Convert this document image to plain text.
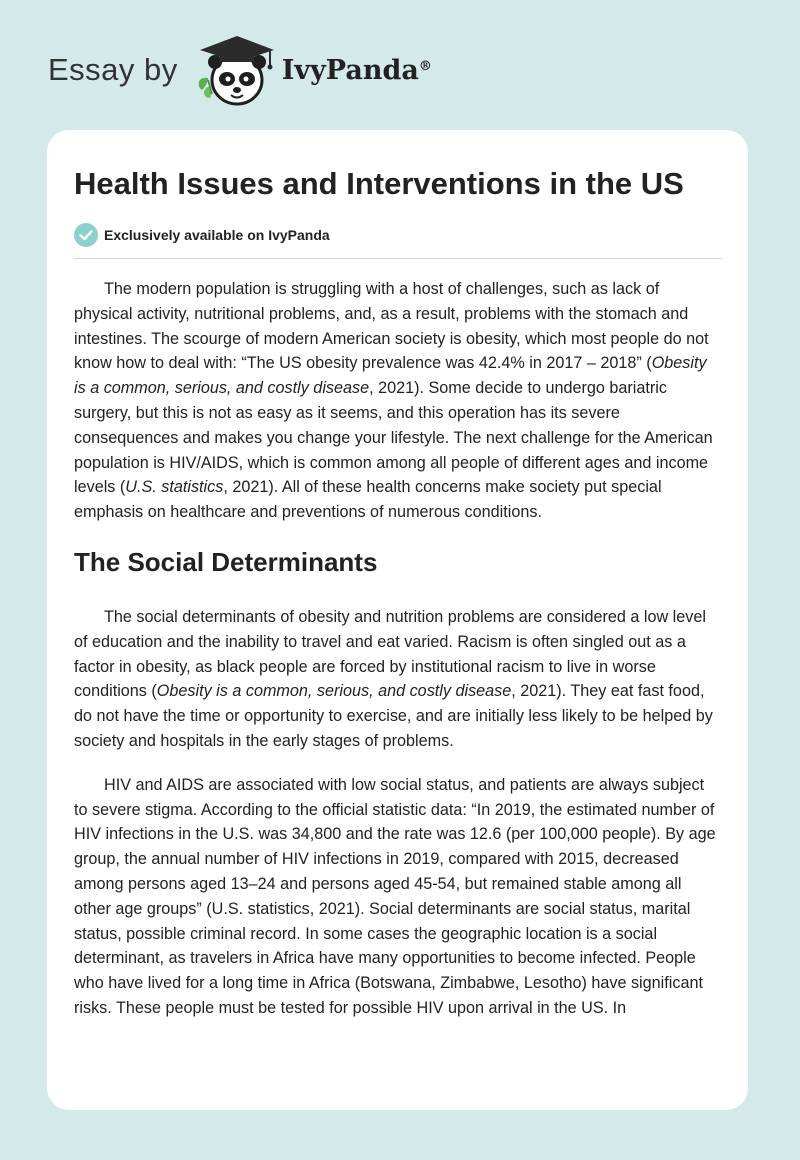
Essay by	IvyPanda®
Health Issues and Interventions in the US
Exclusively available on IvyPanda

The modern population is struggling with a host of challenges, such as lack of physical activity, nutritional problems, and, as a result, problems with the stomach and intestines. The scourge of modern American society is obesity, which most people do not know how to deal with: “The US obesity prevalence was 42.4% in 2017 – 2018” (Obesity is a common, serious, and costly disease, 2021). Some decide to undergo bariatric surgery, but this is not as easy as it seems, and this operation has its severe consequences and makes you change your lifestyle. The next challenge for the American population is HIV/AIDS, which is common among all people of different ages and income levels (U.S. statistics, 2021). All of these health concerns make society put special emphasis on healthcare and preventions of numerous conditions.

The Social Determinants

The social determinants of obesity and nutrition problems are considered a low level of education and the inability to travel and eat varied. Racism is often singled out as a factor in obesity, as black people are forced by institutional racism to live in worse conditions (Obesity is a common, serious, and costly disease, 2021). They eat fast food, do not have the time or opportunity to exercise, and are initially less likely to be helped by society and hospitals in the early stages of problems.

HIV and AIDS are associated with low social status, and patients are always subject to severe stigma. According to the official statistic data: “In 2019, the estimated number of HIV infections in the U.S. was 34,800 and the rate was 12.6 (per 100,000 people). By age group, the annual number of HIV infections in 2019, compared with 2015, decreased among persons aged 13–24 and persons aged 45-54, but remained stable among all other age groups” (U.S. statistics, 2021). Social determinants are social status, marital status, possible criminal record. In some cases the geographic location is a social determinant, as travelers in Africa have many opportunities to become infected. People who have lived for a long time in Africa (Botswana, Zimbabwe, Lesotho) have significant risks. These people must be tested for possible HIV upon arrival in the US. In
